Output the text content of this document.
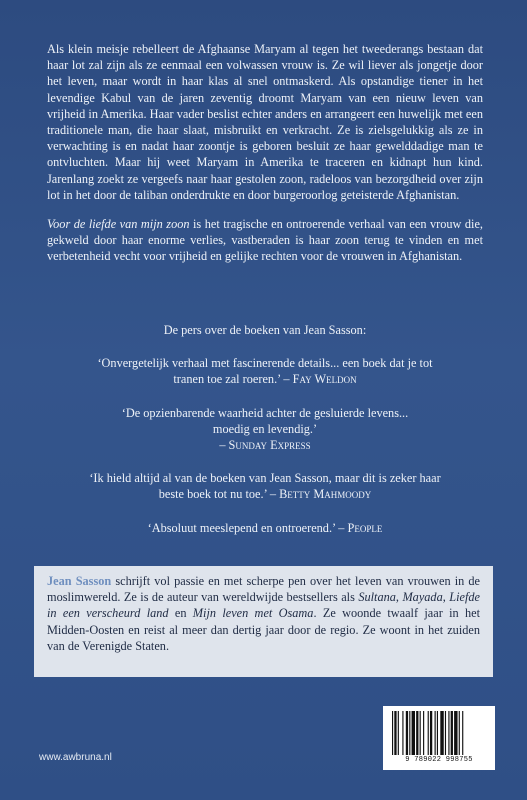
Als klein meisje rebelleert de Afghaanse Maryam al tegen het tweederangs bestaan dat haar lot zal zijn als ze eenmaal een volwassen vrouw is. Ze wil liever als jongetje door het leven, maar wordt in haar klas al snel ontmaskerd. Als opstandige tiener in het levendige Kabul van de jaren zeventig droomt Maryam van een nieuw leven van vrijheid in Amerika. Haar vader beslist echter anders en arrangeert een huwelijk met een traditionele man, die haar slaat, misbruikt en verkracht. Ze is zielsgelukkig als ze in verwachting is en nadat haar zoontje is geboren besluit ze haar gewelddadige man te ontvluchten. Maar hij weet Maryam in Amerika te traceren en kidnapt hun kind. Jarenlang zoekt ze vergeefs naar haar gestolen zoon, radeloos van bezorgdheid over zijn lot in het door de taliban onderdrukte en door burgeroorlog geteisterde Afghanistan.

Voor de liefde van mijn zoon is het tragische en ontroerende verhaal van een vrouw die, gekweld door haar enorme verlies, vastberaden is haar zoon terug te vinden en met verbetenheid vecht voor vrijheid en gelijke rechten voor de vrouwen in Afghanistan.

De pers over de boeken van Jean Sasson:

‘Onvergetelijk verhaal met fascinerende details... een boek dat je tot
tranen toe zal roeren.’ – Fay Weldon

‘De opzienbarende waarheid achter de gesluierde levens...
moedig en levendig.’
– Sunday Express

‘Ik hield altijd al van de boeken van Jean Sasson, maar dit is zeker haar
beste boek tot nu toe.’ – Betty Mahmoody

‘Absoluut meeslepend en ontroerend.’ – People

Jean Sasson schrijft vol passie en met scherpe pen over het leven van vrouwen in de moslimwereld. Ze is de auteur van wereldwijde bestsellers als Sultana, Mayada, Liefde in een verscheurd land en Mijn leven met Osama. Ze woonde twaalf jaar in het Midden-Oosten en reist al meer dan dertig jaar door de regio. Ze woont in het zuiden van de Verenigde Staten.

www.awbruna.nl	9 789022 998755
